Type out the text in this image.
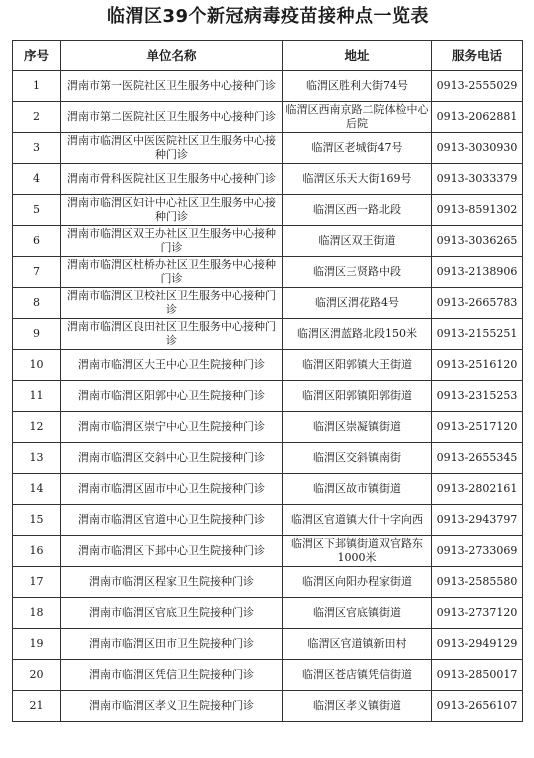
临渭区39个新冠病毒疫苗接种点一览表
序号	单位名称	地址	服务电话
1	渭南市第一医院社区卫生服务中心接种门诊	临渭区胜利大街74号	0913-2555029
2	渭南市第二医院社区卫生服务中心接种门诊	临渭区西南京路二院体检中心后院	0913-2062881
3	渭南市临渭区中医医院社区卫生服务中心接种门诊	临渭区老城街47号	0913-3030930
4	渭南市骨科医院社区卫生服务中心接种门诊	临渭区乐天大街169号	0913-3033379
5	渭南市临渭区妇计中心社区卫生服务中心接种门诊	临渭区西一路北段	0913-8591302
6	渭南市临渭区双王办社区卫生服务中心接种门诊	临渭区双王街道	0913-3036265
7	渭南市临渭区杜桥办社区卫生服务中心接种门诊	临渭区三贤路中段	0913-2138906
8	渭南市临渭区卫校社区卫生服务中心接种门诊	临渭区渭花路4号	0913-2665783
9	渭南市临渭区良田社区卫生服务中心接种门诊	临渭区渭蓝路北段150米	0913-2155251
10	渭南市临渭区大王中心卫生院接种门诊	临渭区阳郭镇大王街道	0913-2516120
11	渭南市临渭区阳郭中心卫生院接种门诊	临渭区阳郭镇阳郭街道	0913-2315253
12	渭南市临渭区崇宁中心卫生院接种门诊	临渭区崇凝镇街道	0913-2517120
13	渭南市临渭区交斜中心卫生院接种门诊	临渭区交斜镇南街	0913-2655345
14	渭南市临渭区固市中心卫生院接种门诊	临渭区故市镇街道	0913-2802161
15	渭南市临渭区官道中心卫生院接种门诊	临渭区官道镇大什十字向西	0913-2943797
16	渭南市临渭区下邽中心卫生院接种门诊	临渭区下邽镇街道双官路东1000米	0913-2733069
17	渭南市临渭区程家卫生院接种门诊	临渭区向阳办程家街道	0913-2585580
18	渭南市临渭区官底卫生院接种门诊	临渭区官底镇街道	0913-2737120
19	渭南市临渭区田市卫生院接种门诊	临渭区官道镇新田村	0913-2949129
20	渭南市临渭区凭信卫生院接种门诊	临渭区苍店镇凭信街道	0913-2850017
21	渭南市临渭区孝义卫生院接种门诊	临渭区孝义镇街道	0913-2656107
